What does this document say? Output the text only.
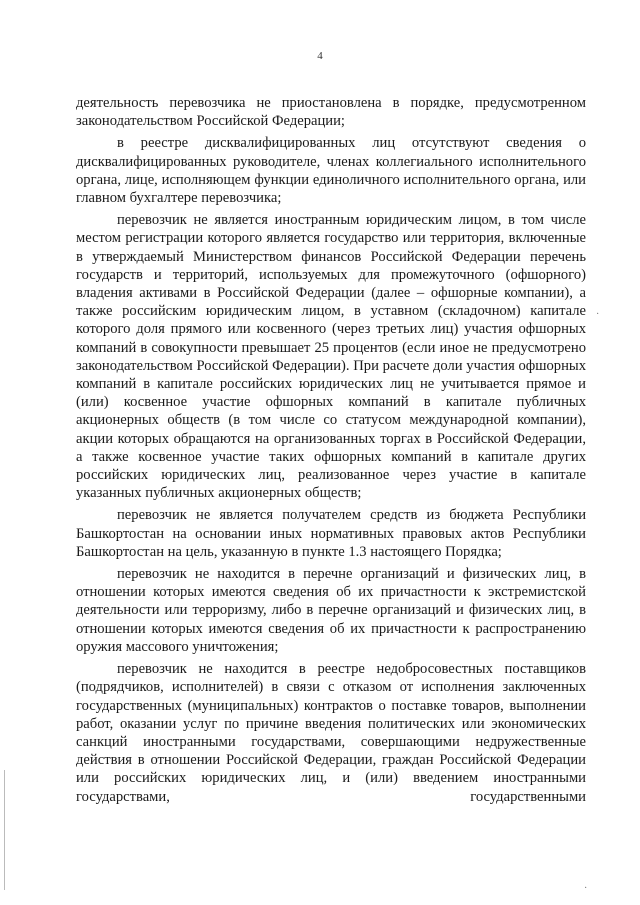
4
·
·

деятельность перевозчика не приостановлена в порядке, предусмотренном законодательством Российской Федерации;

в реестре дисквалифицированных лиц отсутствуют сведения о дисквалифицированных руководителе, членах коллегиального исполнительного органа, лице, исполняющем функции единоличного исполнительного органа, или главном бухгалтере перевозчика;

перевозчик не является иностранным юридическим лицом, в том числе местом регистрации которого является государство или территория, включенные в утверждаемый Министерством финансов Российской Федерации перечень государств и территорий, используемых для промежуточного (офшорного) владения активами в Российской Федерации (далее – офшорные компании), а также российским юридическим лицом, в уставном (складочном) капитале которого доля прямого или косвенного (через третьих лиц) участия офшорных компаний в совокупности превышает 25 процентов (если иное не предусмотрено законодательством Российской Федерации). При расчете доли участия офшорных компаний в капитале российских юридических лиц не учитывается прямое и (или) косвенное участие офшорных компаний в капитале публичных акционерных обществ (в том числе со статусом международной компании), акции которых обращаются на организованных торгах в Российской Федерации, а также косвенное участие таких офшорных компаний в капитале других российских юридических лиц, реализованное через участие в капитале указанных публичных акционерных обществ;

перевозчик не является получателем средств из бюджета Республики Башкортостан на основании иных нормативных правовых актов Республики Башкортостан на цель, указанную в пункте 1.3 настоящего Порядка;

перевозчик не находится в перечне организаций и физических лиц, в отношении которых имеются сведения об их причастности к экстремистской деятельности или терроризму, либо в перечне организаций и физических лиц, в отношении которых имеются сведения об их причастности к распространению оружия массового уничтожения;

перевозчик не находится в реестре недобросовестных поставщиков (подрядчиков, исполнителей) в связи с отказом от исполнения заключенных государственных (муниципальных) контрактов о поставке товаров, выполнении работ, оказании услуг по причине введения политических или экономических санкций иностранными государствами, совершающими недружественные действия в отношении Российской Федерации, граждан Российской Федерации или российских юридических лиц, и (или) введением иностранными государствами, государственными
